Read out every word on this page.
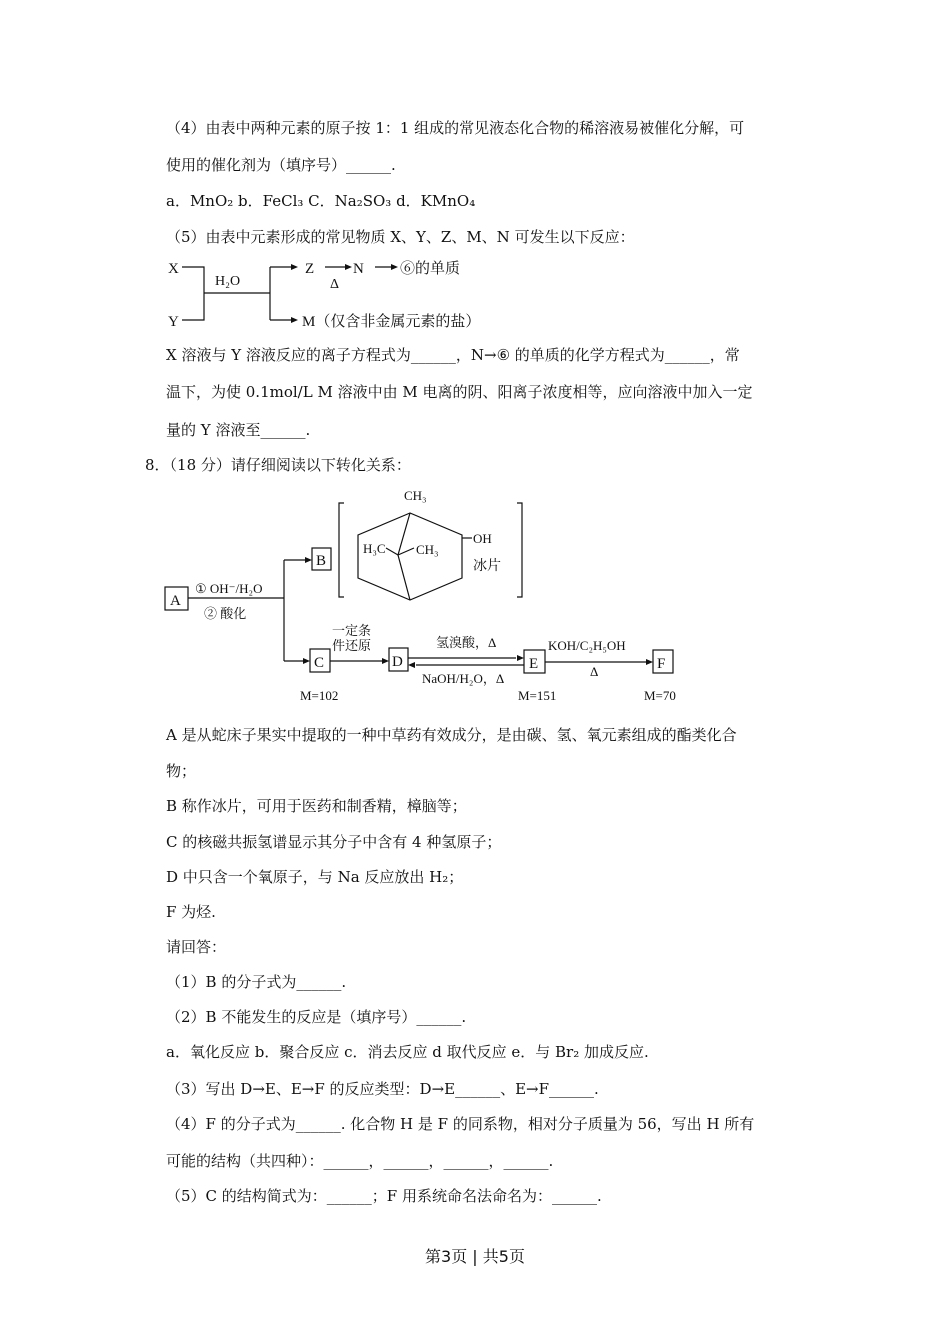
（4）由表中两种元素的原子按 1：1 组成的常见液态化合物的稀溶液易被催化分解，可
使用的催化剂为（填序号）______.
a．MnO₂ b．FeCl₃ C．Na₂SO₃ d．KMnO₄
（5）由表中元素形成的常见物质 X、Y、Z、M、N 可发生以下反应：
X
Y
H₂O
Z
Δ
N ⑥的单质
M（仅含非金属元素的盐）
X 溶液与 Y 溶液反应的离子方程式为______，N→⑥ 的单质的化学方程式为______，常
温下，为使 0.1mol/L M 溶液中由 M 电离的阴、阳离子浓度相等，应向溶液中加入一定
量的 Y 溶液至______.
8．（18 分）请仔细阅读以下转化关系：
A
B
C	D	E	F
① OH⁻/H₂O
② 酸化
CH₃
H₃C CH₃
OH
冰片
一定条
件还原	氢溴酸，Δ
NaOH/H₂O，Δ
KOH/C₂H₅OH
Δ
M=102	M=151	M=70
A 是从蛇床子果实中提取的一种中草药有效成分，是由碳、氢、氧元素组成的酯类化合
物；
B 称作冰片，可用于医药和制香精，樟脑等；
C 的核磁共振氢谱显示其分子中含有 4 种氢原子；
D 中只含一个氧原子，与 Na 反应放出 H₂；
F 为烃.
请回答：
（1）B 的分子式为______.
（2）B 不能发生的反应是（填序号）______.
a．氧化反应 b．聚合反应 c．消去反应 d 取代反应 e．与 Br₂ 加成反应.
（3）写出 D→E、E→F 的反应类型：D→E______、E→F______.
（4）F 的分子式为______. 化合物 H 是 F 的同系物，相对分子质量为 56，写出 H 所有
可能的结构（共四种）：______，______，______，______.
（5）C 的结构简式为：______；F 用系统命名法命名为：______.
第3页 | 共5页
